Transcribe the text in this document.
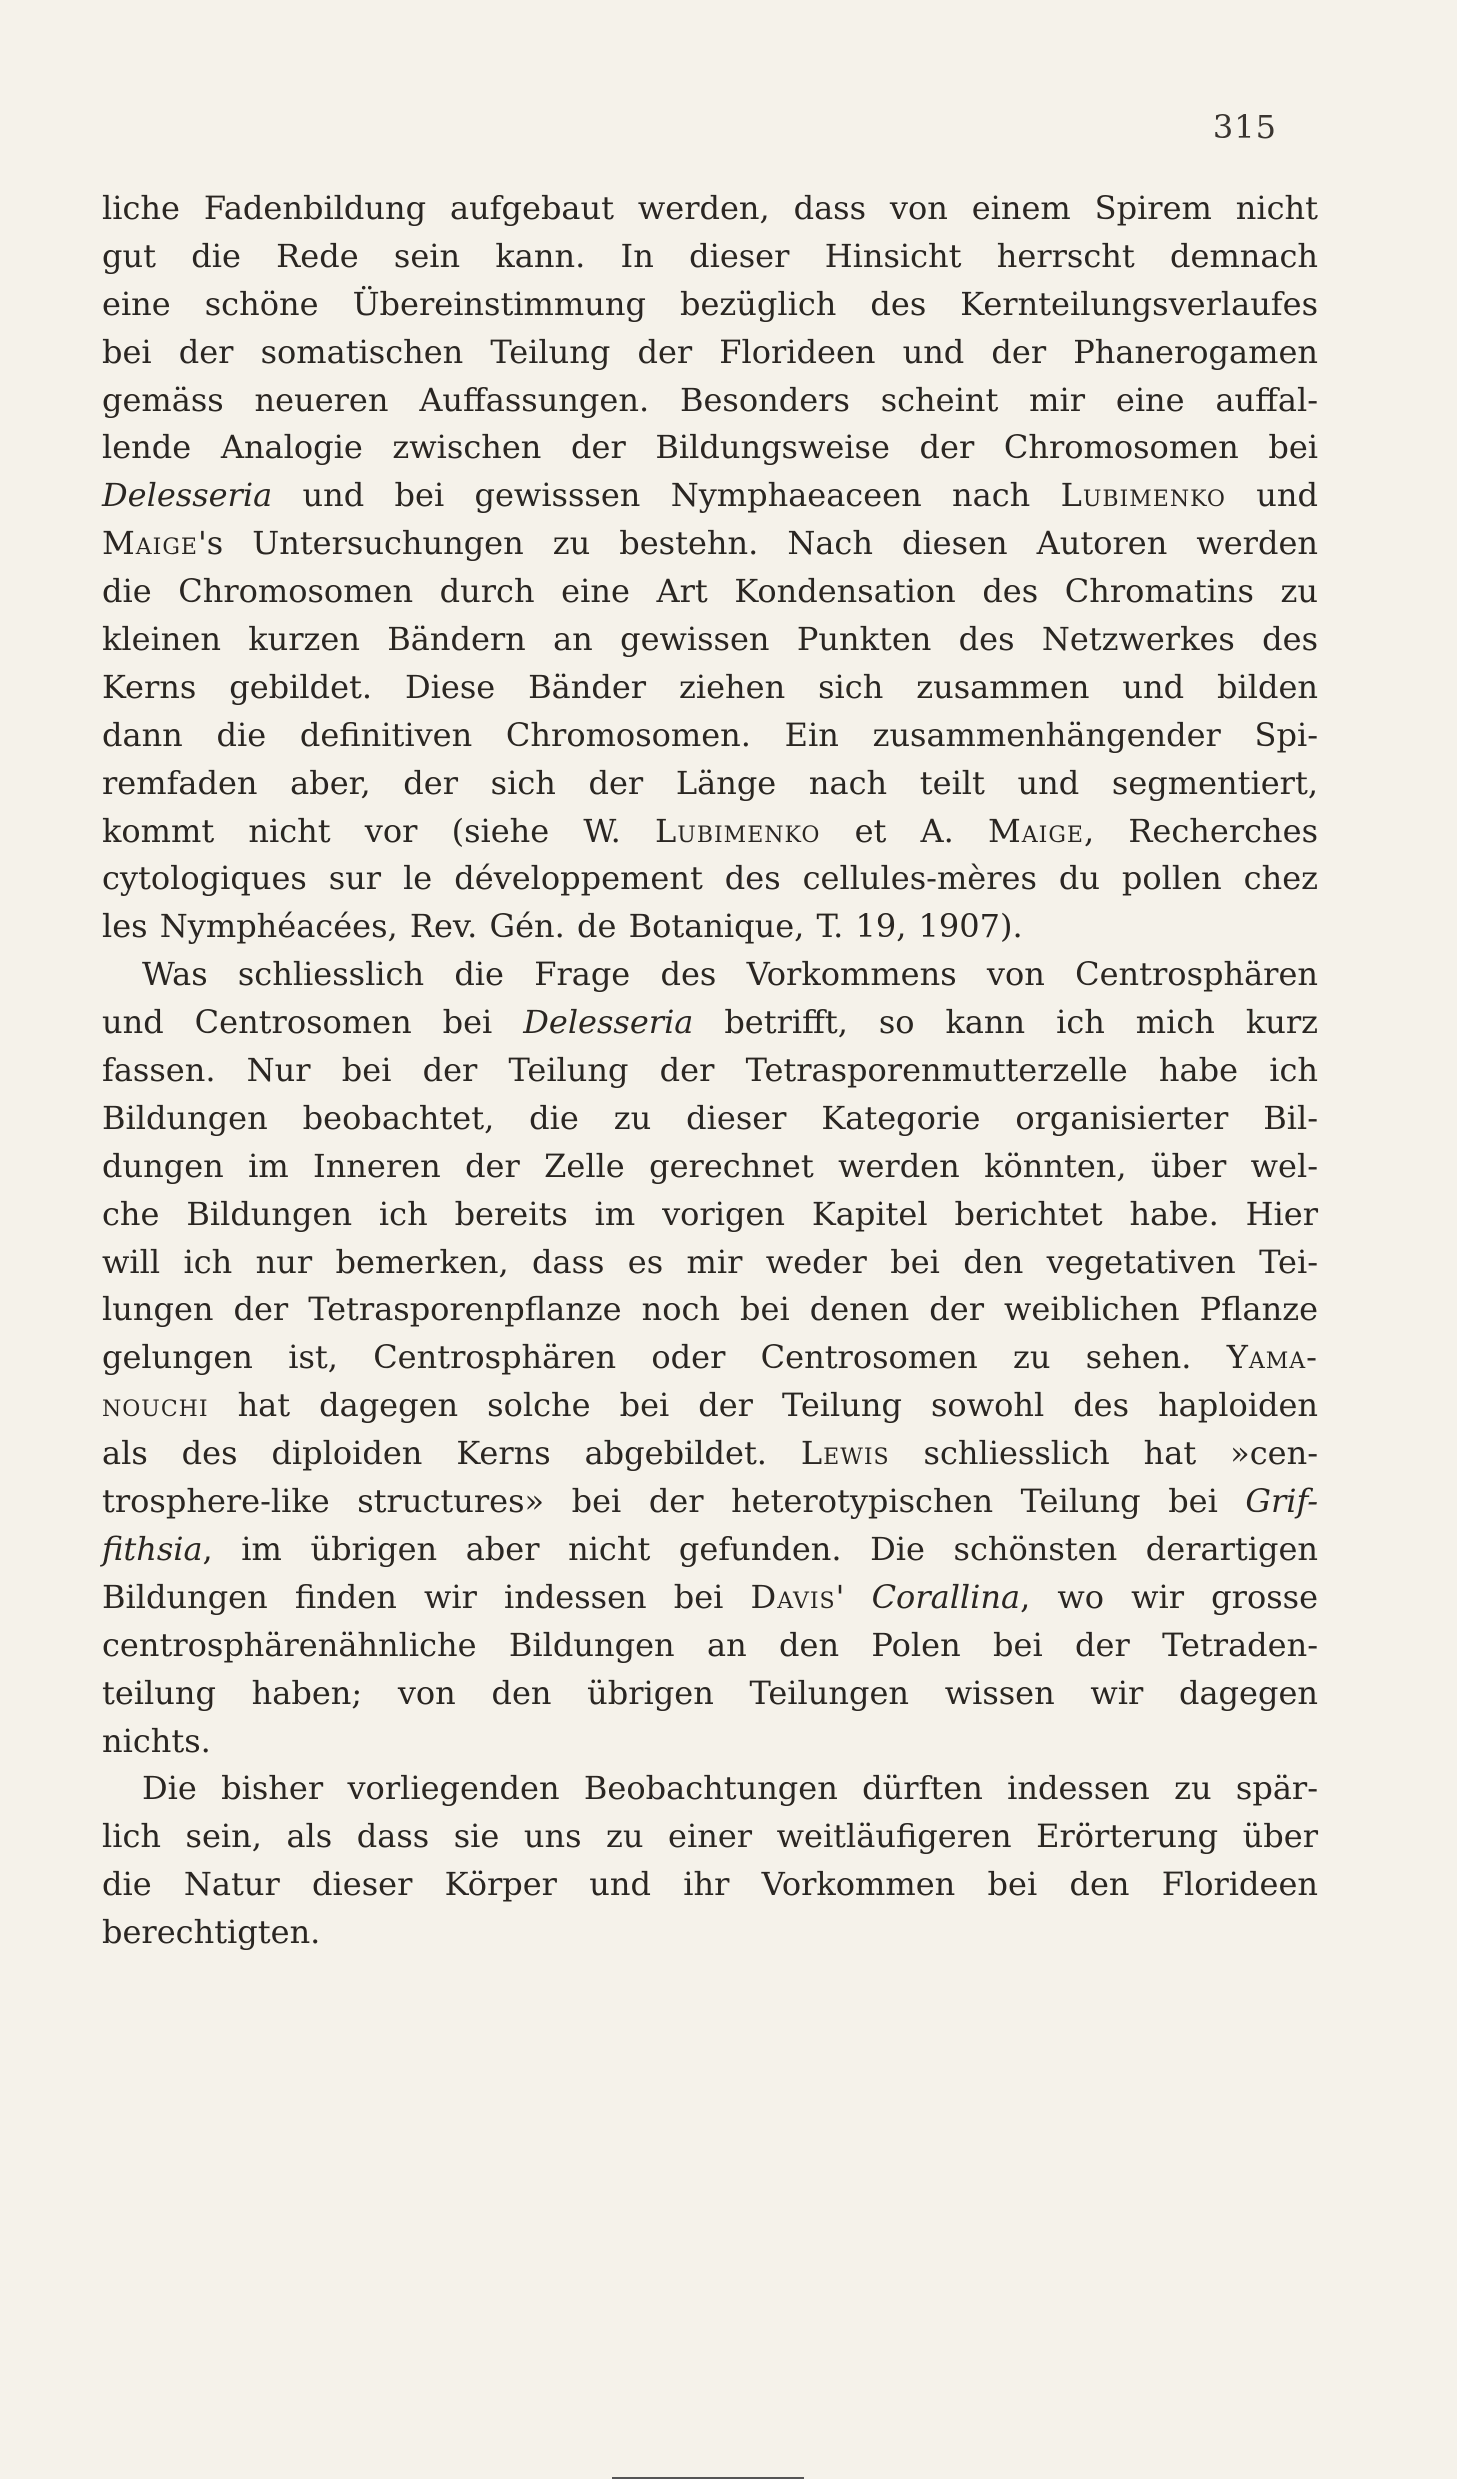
315
liche Fadenbildung aufgebaut werden, dass von einem Spirem nicht
gut die Rede sein kann. In dieser Hinsicht herrscht demnach
eine schöne Übereinstimmung bezüglich des Kernteilungsverlaufes
bei der somatischen Teilung der Florideen und der Phanerogamen
gemäss neueren Auffassungen. Besonders scheint mir eine auffal-
lende Analogie zwischen der Bildungsweise der Chromosomen bei
Delesseria und bei gewisssen Nymphaeaceen nach Lubimenko und
Maige's Untersuchungen zu bestehn. Nach diesen Autoren werden
die Chromosomen durch eine Art Kondensation des Chromatins zu
kleinen kurzen Bändern an gewissen Punkten des Netzwerkes des
Kerns gebildet. Diese Bänder ziehen sich zusammen und bilden
dann die definitiven Chromosomen. Ein zusammenhängender Spi-
remfaden aber, der sich der Länge nach teilt und segmentiert,
kommt nicht vor (siehe W. Lubimenko et A. Maige, Recherches
cytologiques sur le développement des cellules-mères du pollen chez
les Nymphéacées, Rev. Gén. de Botanique, T. 19, 1907).
Was schliesslich die Frage des Vorkommens von Centrosphären
und Centrosomen bei Delesseria betrifft, so kann ich mich kurz
fassen. Nur bei der Teilung der Tetrasporenmutterzelle habe ich
Bildungen beobachtet, die zu dieser Kategorie organisierter Bil-
dungen im Inneren der Zelle gerechnet werden könnten, über wel-
che Bildungen ich bereits im vorigen Kapitel berichtet habe. Hier
will ich nur bemerken, dass es mir weder bei den vegetativen Tei-
lungen der Tetrasporenpflanze noch bei denen der weiblichen Pflanze
gelungen ist, Centrosphären oder Centrosomen zu sehen. Yama-
nouchi hat dagegen solche bei der Teilung sowohl des haploiden
als des diploiden Kerns abgebildet. Lewis schliesslich hat »cen-
trosphere-like structures» bei der heterotypischen Teilung bei Grif-
fithsia, im übrigen aber nicht gefunden. Die schönsten derartigen
Bildungen finden wir indessen bei Davis' Corallina, wo wir grosse
centrosphärenähnliche Bildungen an den Polen bei der Tetraden-
teilung haben; von den übrigen Teilungen wissen wir dagegen
nichts.
Die bisher vorliegenden Beobachtungen dürften indessen zu spär-
lich sein, als dass sie uns zu einer weitläufigeren Erörterung über
die Natur dieser Körper und ihr Vorkommen bei den Florideen
berechtigten.
